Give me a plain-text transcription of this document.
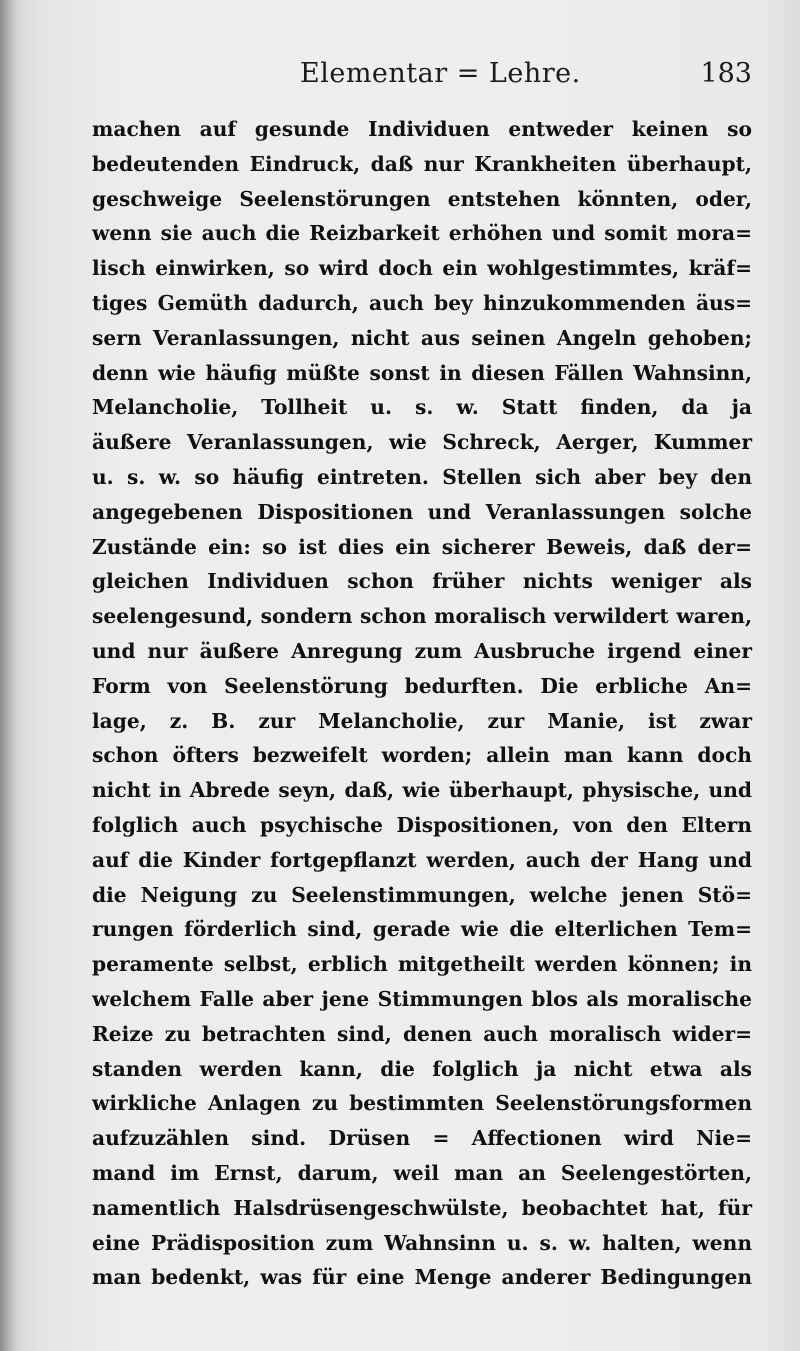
Elementar = Lehre.	183
machen auf gesunde Individuen entweder keinen so
bedeutenden Eindruck, daß nur Krankheiten überhaupt,
geschweige Seelenstörungen entstehen könnten, oder,
wenn sie auch die Reizbarkeit erhöhen und somit mora=
lisch einwirken, so wird doch ein wohlgestimmtes, kräf=
tiges Gemüth dadurch, auch bey hinzukommenden äus=
sern Veranlassungen, nicht aus seinen Angeln gehoben;
denn wie häufig müßte sonst in diesen Fällen Wahnsinn,
Melancholie, Tollheit u. s. w. Statt finden, da ja
äußere Veranlassungen, wie Schreck, Aerger, Kummer
u. s. w. so häufig eintreten. Stellen sich aber bey den
angegebenen Dispositionen und Veranlassungen solche
Zustände ein: so ist dies ein sicherer Beweis, daß der=
gleichen Individuen schon früher nichts weniger als
seelengesund, sondern schon moralisch verwildert waren,
und nur äußere Anregung zum Ausbruche irgend einer
Form von Seelenstörung bedurften. Die erbliche An=
lage, z. B. zur Melancholie, zur Manie, ist zwar
schon öfters bezweifelt worden; allein man kann doch
nicht in Abrede seyn, daß, wie überhaupt, physische, und
folglich auch psychische Dispositionen, von den Eltern
auf die Kinder fortgepflanzt werden, auch der Hang und
die Neigung zu Seelenstimmungen, welche jenen Stö=
rungen förderlich sind, gerade wie die elterlichen Tem=
peramente selbst, erblich mitgetheilt werden können; in
welchem Falle aber jene Stimmungen blos als moralische
Reize zu betrachten sind, denen auch moralisch wider=
standen werden kann, die folglich ja nicht etwa als
wirkliche Anlagen zu bestimmten Seelenstörungsformen
aufzuzählen sind. Drüsen = Affectionen wird Nie=
mand im Ernst, darum, weil man an Seelengestörten,
namentlich Halsdrüsengeschwülste, beobachtet hat, für
eine Prädisposition zum Wahnsinn u. s. w. halten, wenn
man bedenkt, was für eine Menge anderer Bedingungen
